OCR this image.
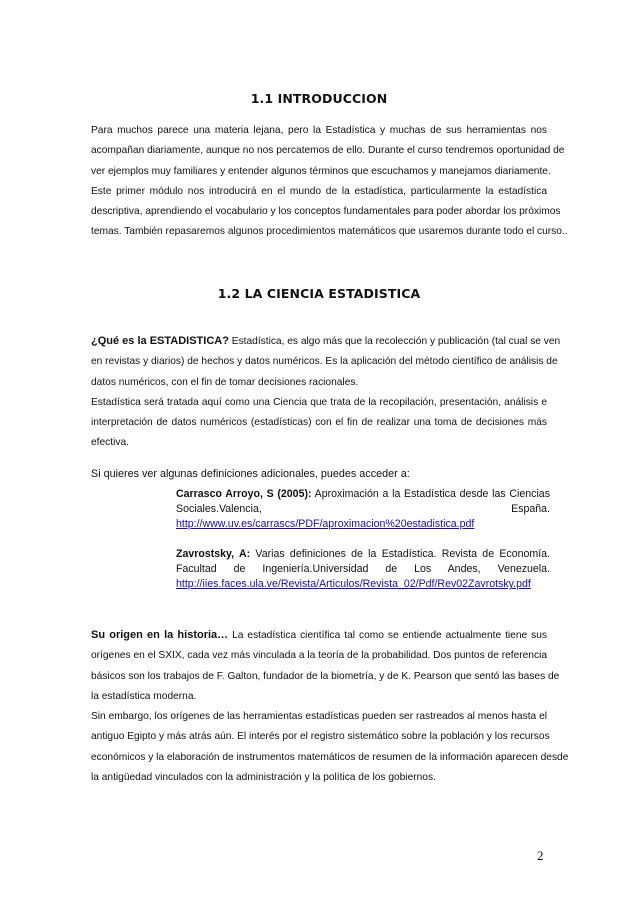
1.1 INTRODUCCION
Para muchos parece una materia lejana, pero la Estadística y muchas de sus herramientas nos
acompañan diariamente, aunque no nos percatemos de ello. Durante el curso tendremos oportunidad de
ver ejemplos muy familiares y entender algunos términos que escuchamos y manejamos diariamente.
Este primer módulo nos introducirá en el mundo de la estadística, particularmente la estadística
descriptiva, aprendiendo el vocabulario y los conceptos fundamentales para poder abordar los próximos
temas. También repasaremos algunos procedimientos matemáticos que usaremos durante todo el curso..
1.2 LA CIENCIA ESTADISTICA
¿Qué es la ESTADISTICA? Estadística, es algo más que la recolección y publicación (tal cual se ven
en revistas y diarios) de hechos y datos numéricos. Es la aplicación del método científico de análisis de
datos numéricos, con el fin de tomar decisiones racionales.
Estadística será tratada aquí como una Ciencia que trata de la recopilación, presentación, análisis e
interpretación de datos numéricos (estadísticas) con el fin de realizar una toma de decisiones más
efectiva.
Si quieres ver algunas definiciones adicionales, puedes acceder a:
Carrasco Arroyo, S (2005): Aproximación a la Estadística desde las Ciencias
Sociales.Valencia, España.
http://www.uv.es/carrascs/PDF/aproximacion%20estadistica.pdf
Zavrostsky, A: Varias definiciones de la Estadística. Revista de Economía.
Facultad de Ingeniería.Universidad de Los Andes, Venezuela.
http://iies.faces.ula.ve/Revista/Articulos/Revista_02/Pdf/Rev02Zavrotsky.pdf
Su origen en la historia… La estadística científica tal como se entiende actualmente tiene sus
orígenes en el SXIX, cada vez más vinculada a la teoría de la probabilidad. Dos puntos de referencia
básicos son los trabajos de F. Galton, fundador de la biometría, y de K. Pearson que sentó las bases de
la estadística moderna.
Sin embargo, los orígenes de las herramientas estadísticas pueden ser rastreados al menos hasta el
antiguo Egipto y más atrás aún. El interés por el registro sistemático sobre la población y los recursos
económicos y la elaboración de instrumentos matemáticos de resumen de la información aparecen desde
la antigüedad vinculados con la administración y la política de los gobiernos.
2
